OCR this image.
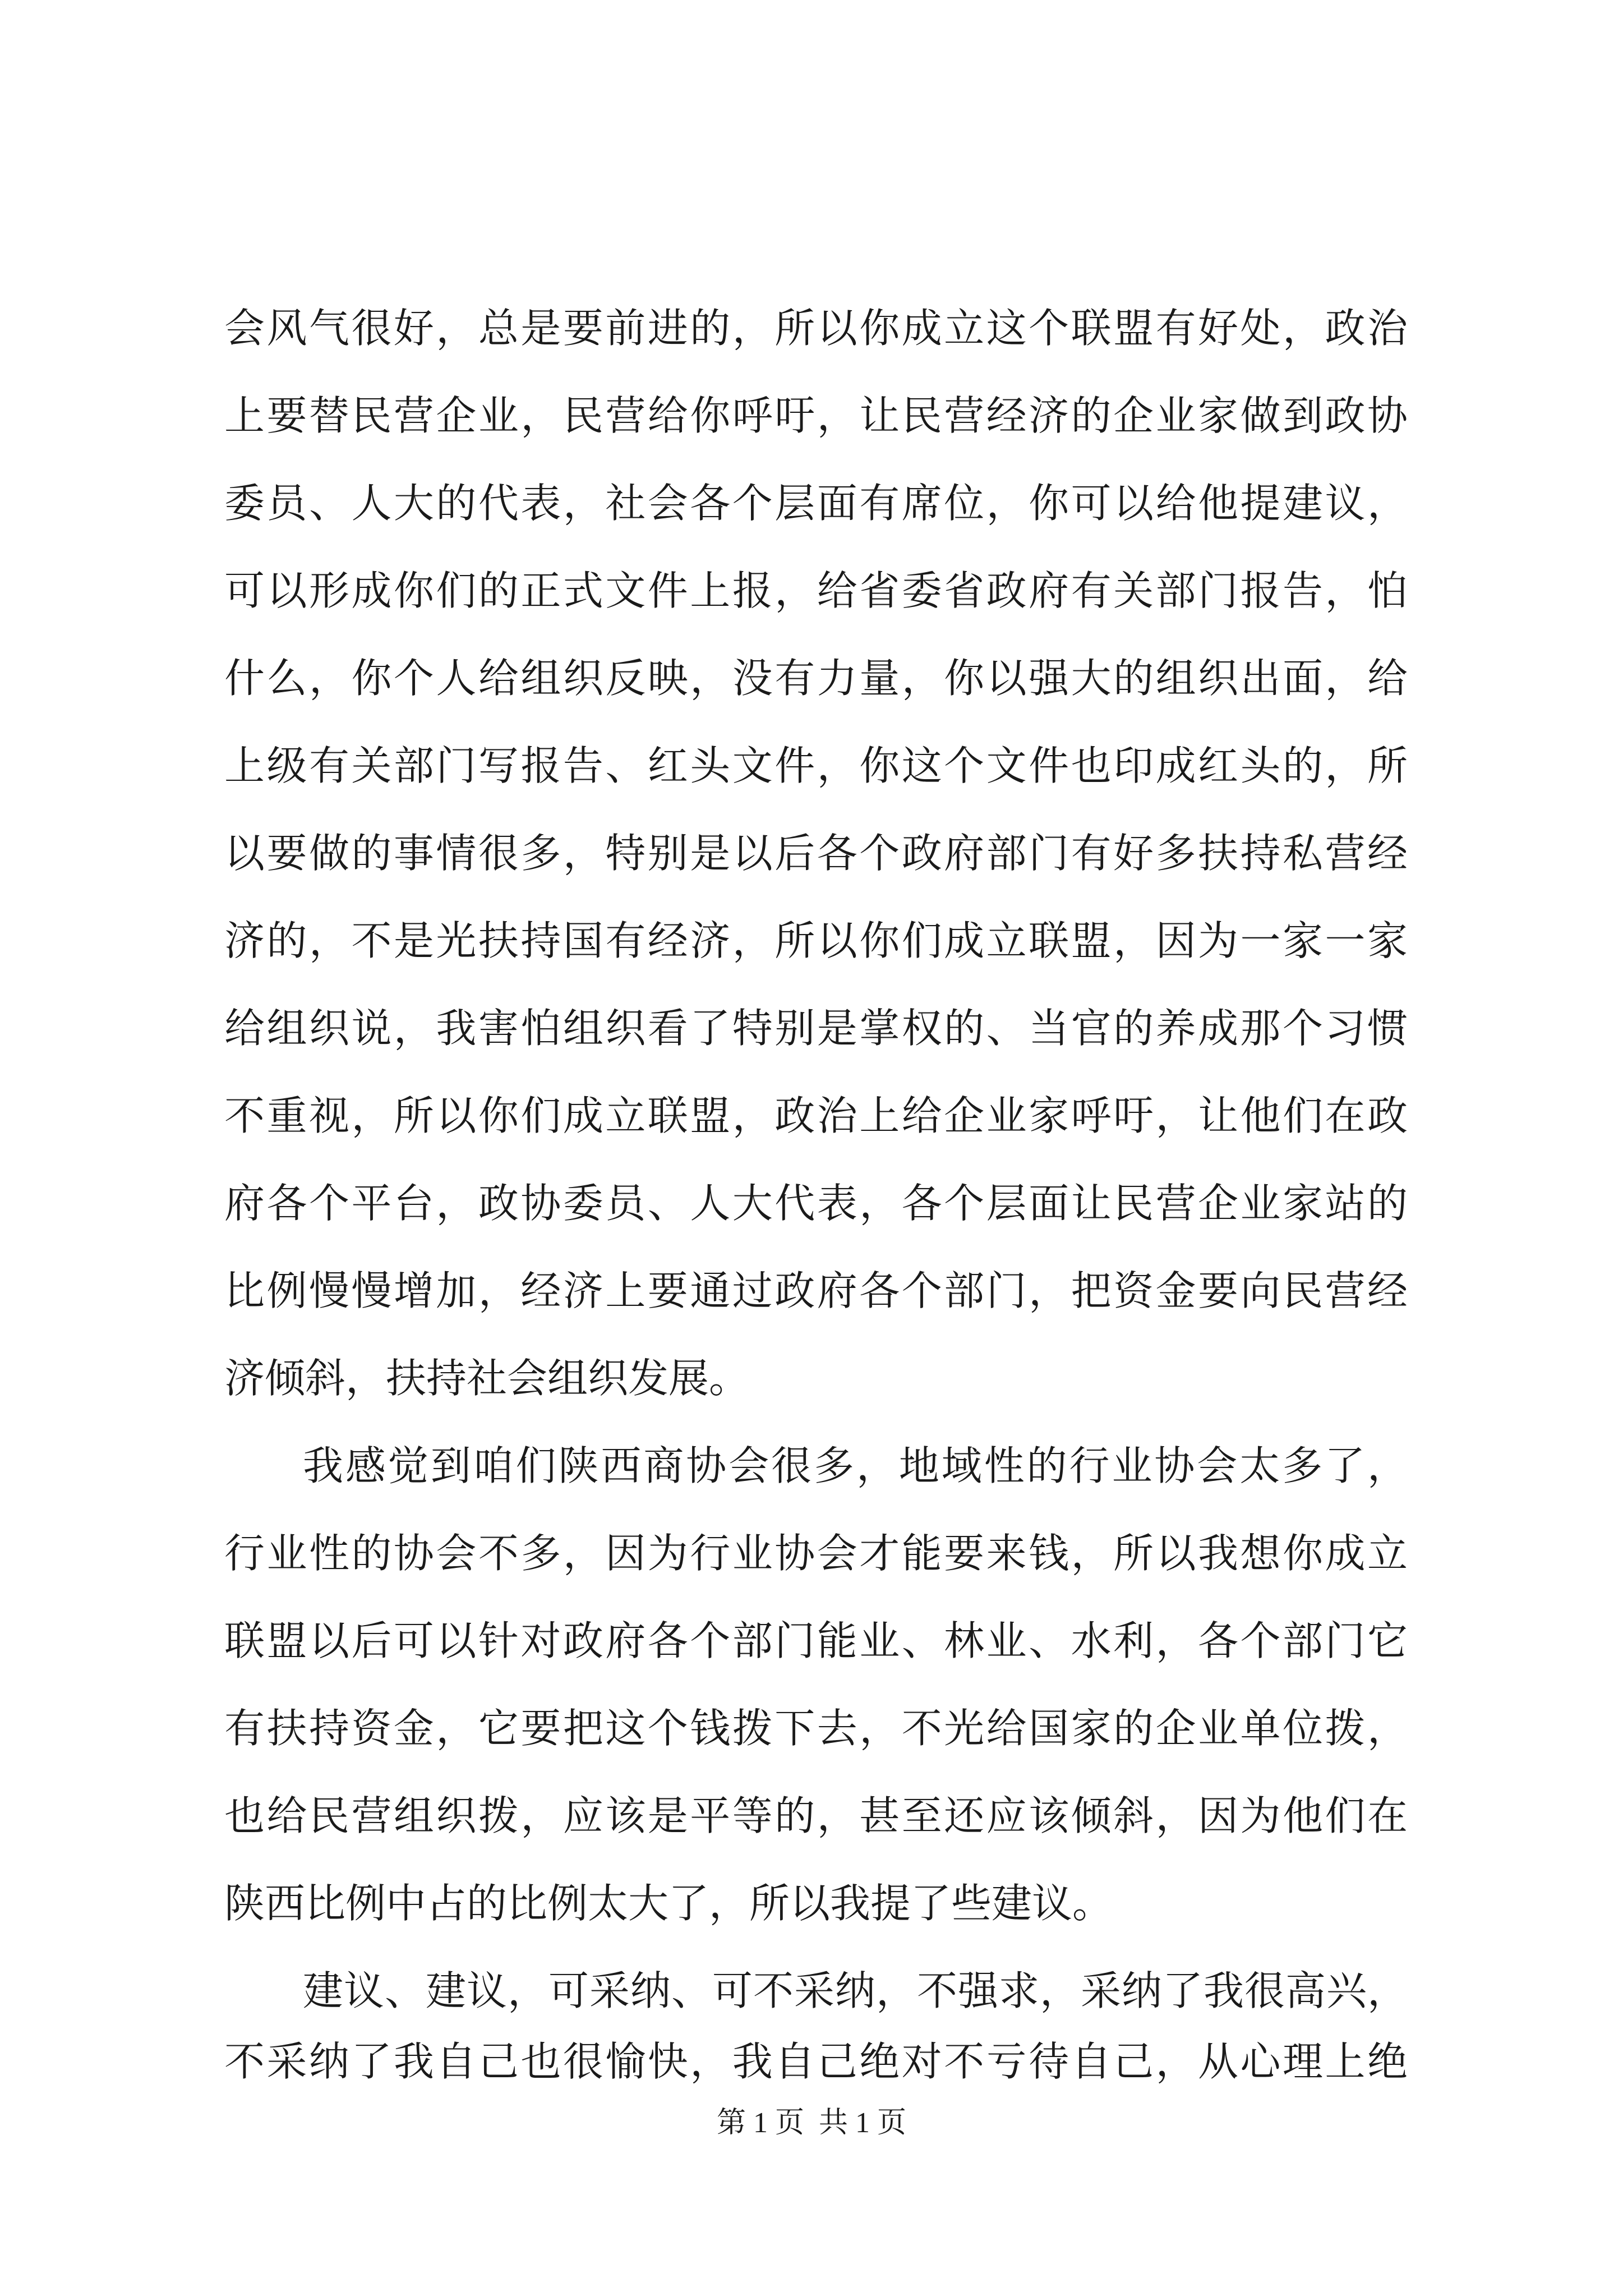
会风气很好，总是要前进的，所以你成立这个联盟有好处，政治
上要替民营企业，民营给你呼吁，让民营经济的企业家做到政协
委员、人大的代表，社会各个层面有席位，你可以给他提建议，
可以形成你们的正式文件上报，给省委省政府有关部门报告，怕
什么，你个人给组织反映，没有力量，你以强大的组织出面，给
上级有关部门写报告、红头文件，你这个文件也印成红头的，所
以要做的事情很多，特别是以后各个政府部门有好多扶持私营经
济的，不是光扶持国有经济，所以你们成立联盟，因为一家一家
给组织说，我害怕组织看了特别是掌权的、当官的养成那个习惯
不重视，所以你们成立联盟，政治上给企业家呼吁，让他们在政
府各个平台，政协委员、人大代表，各个层面让民营企业家站的
比例慢慢增加，经济上要通过政府各个部门，把资金要向民营经
济倾斜，扶持社会组织发展。
我感觉到咱们陕西商协会很多，地域性的行业协会太多了，
行业性的协会不多，因为行业协会才能要来钱，所以我想你成立
联盟以后可以针对政府各个部门能业、林业、水利，各个部门它
有扶持资金，它要把这个钱拨下去，不光给国家的企业单位拨，
也给民营组织拨，应该是平等的，甚至还应该倾斜，因为他们在
陕西比例中占的比例太大了，所以我提了些建议。
建议、建议，可采纳、可不采纳，不强求，采纳了我很高兴，
不采纳了我自己也很愉快，我自己绝对不亏待自己，从心理上绝
第 1 页  共 1 页
